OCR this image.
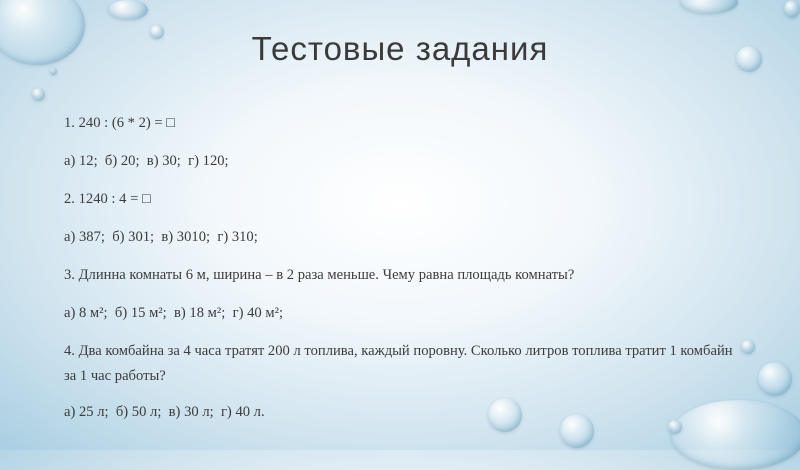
Тестовые задания
1. 240 : (6 * 2) = □
а) 12;  б) 20;  в) 30;  г) 120;
2. 1240 : 4 = □
а) 387;  б) 301;  в) 3010;  г) 310;
3. Длинна комнаты 6 м, ширина – в 2 раза меньше. Чему равна площадь комнаты?
а) 8 м²;  б) 15 м²;  в) 18 м²;  г) 40 м²;
4. Два комбайна за 4 часа тратят 200 л топлива, каждый поровну. Сколько литров топлива тратит 1 комбайн за 1 час работы?
а) 25 л;  б) 50 л;  в) 30 л;  г) 40 л.
